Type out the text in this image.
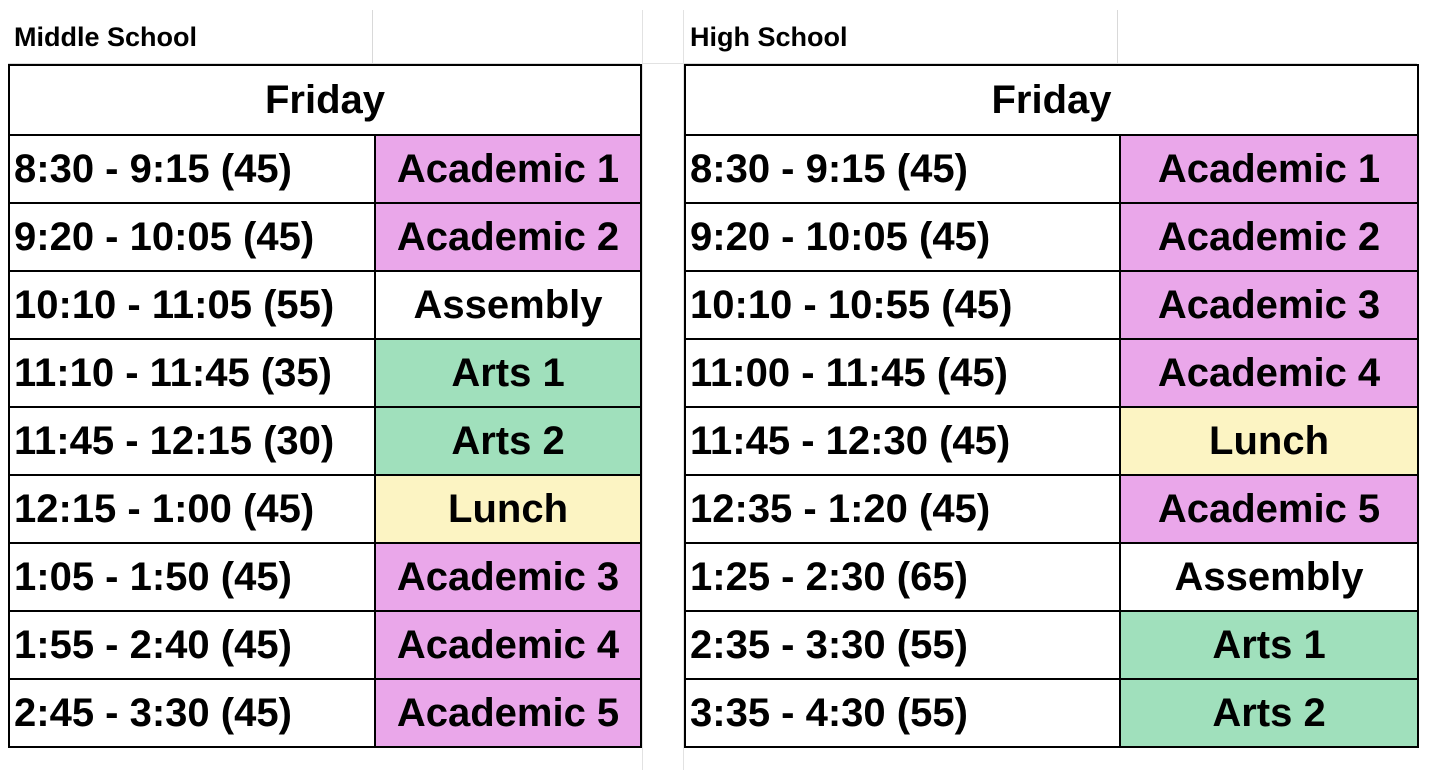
Middle School
Friday	
8:30 - 9:15 (45)	Academic 1
9:20 - 10:05 (45)	Academic 2
10:10 - 11:05 (55)	Assembly
11:10 - 11:45 (35)	Arts 1
11:45 - 12:15 (30)	Arts 2
12:15 - 1:00 (45)	Lunch
1:05 - 1:50 (45)	Academic 3
1:55 - 2:40 (45)	Academic 4
2:45 - 3:30 (45)	Academic 5
High School
Friday	
8:30 - 9:15 (45)	Academic 1
9:20 - 10:05 (45)	Academic 2
10:10 - 10:55 (45)	Academic 3
11:00 - 11:45 (45)	Academic 4
11:45 - 12:30 (45)	Lunch
12:35 - 1:20 (45)	Academic 5
1:25 - 2:30 (65)	Assembly
2:35 - 3:30 (55)	Arts 1
3:35 - 4:30 (55)	Arts 2
